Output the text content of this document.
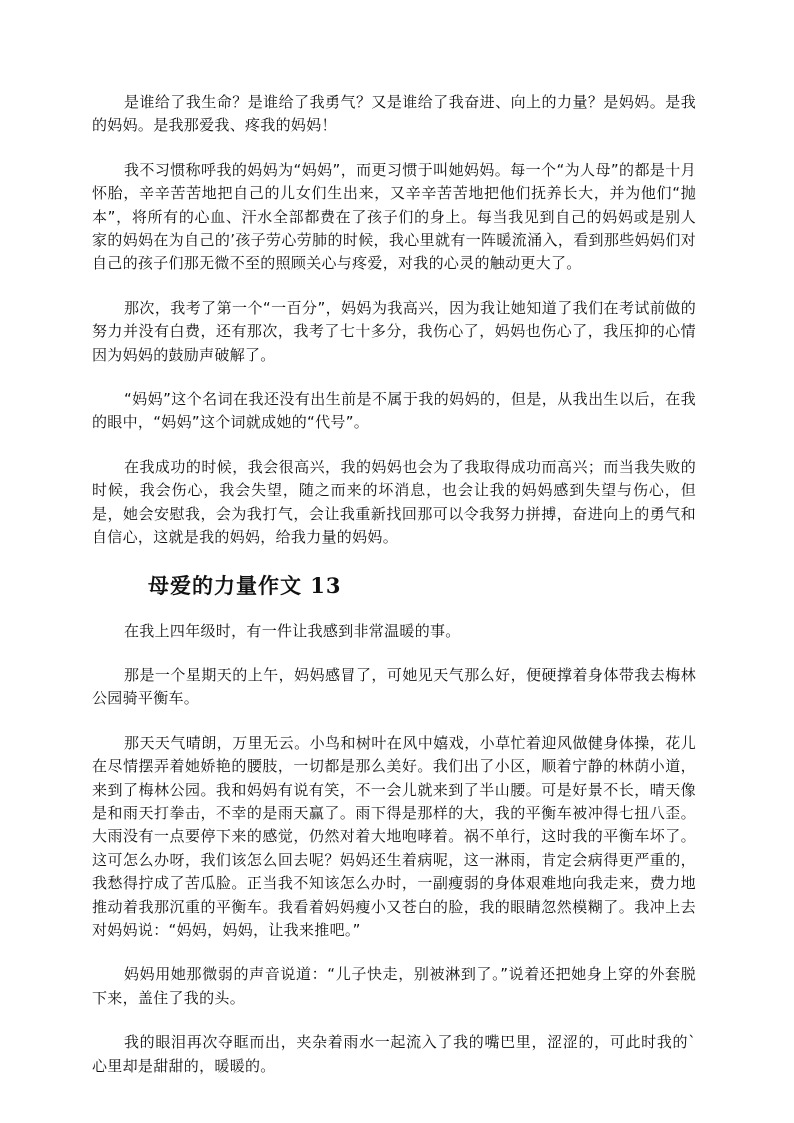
是谁给了我生命？是谁给了我勇气？又是谁给了我奋进、向上的力量？是妈妈。是我的妈妈。是我那爱我、疼我的妈妈！

我不习惯称呼我的妈妈为“妈妈”，而更习惯于叫她妈妈。每一个“为人母”的都是十月怀胎，辛辛苦苦地把自己的儿女们生出来，又辛辛苦苦地把他们抚养长大，并为他们“抛本”，将所有的心血、汗水全部都费在了孩子们的身上。每当我见到自己的妈妈或是别人家的妈妈在为自己的’孩子劳心劳肺的时候，我心里就有一阵暖流涌入，看到那些妈妈们对自己的孩子们那无微不至的照顾关心与疼爱，对我的心灵的触动更大了。

那次，我考了第一个“一百分”，妈妈为我高兴，因为我让她知道了我们在考试前做的努力并没有白费，还有那次，我考了七十多分，我伤心了，妈妈也伤心了，我压抑的心情因为妈妈的鼓励声破解了。

“妈妈”这个名词在我还没有出生前是不属于我的妈妈的，但是，从我出生以后，在我的眼中，“妈妈”这个词就成她的“代号”。

在我成功的时候，我会很高兴，我的妈妈也会为了我取得成功而高兴；而当我失败的时候，我会伤心，我会失望，随之而来的坏消息，也会让我的妈妈感到失望与伤心，但是，她会安慰我，会为我打气，会让我重新找回那可以令我努力拼搏，奋进向上的勇气和自信心，这就是我的妈妈，给我力量的妈妈。

母爱的力量作文 13

在我上四年级时，有一件让我感到非常温暖的事。

那是一个星期天的上午，妈妈感冒了，可她见天气那么好，便硬撑着身体带我去梅林公园骑平衡车。

那天天气晴朗，万里无云。小鸟和树叶在风中嬉戏，小草忙着迎风做健身体操，花儿在尽情摆弄着她娇艳的腰肢，一切都是那么美好。我们出了小区，顺着宁静的林荫小道，来到了梅林公园。我和妈妈有说有笑，不一会儿就来到了半山腰。可是好景不长，晴天像是和雨天打拳击，不幸的是雨天赢了。雨下得是那样的大，我的平衡车被冲得七扭八歪。大雨没有一点要停下来的感觉，仍然对着大地咆哮着。祸不单行，这时我的平衡车坏了。这可怎么办呀，我们该怎么回去呢？妈妈还生着病呢，这一淋雨，肯定会病得更严重的，我愁得拧成了苦瓜脸。正当我不知该怎么办时，一副瘦弱的身体艰难地向我走来，费力地推动着我那沉重的平衡车。我看着妈妈瘦小又苍白的脸，我的眼睛忽然模糊了。我冲上去对妈妈说：“妈妈，妈妈，让我来推吧。”

妈妈用她那微弱的声音说道：“儿子快走，别被淋到了。”说着还把她身上穿的外套脱下来，盖住了我的头。

我的眼泪再次夺眶而出，夹杂着雨水一起流入了我的嘴巴里，涩涩的，可此时我的`心里却是甜甜的，暖暖的。
